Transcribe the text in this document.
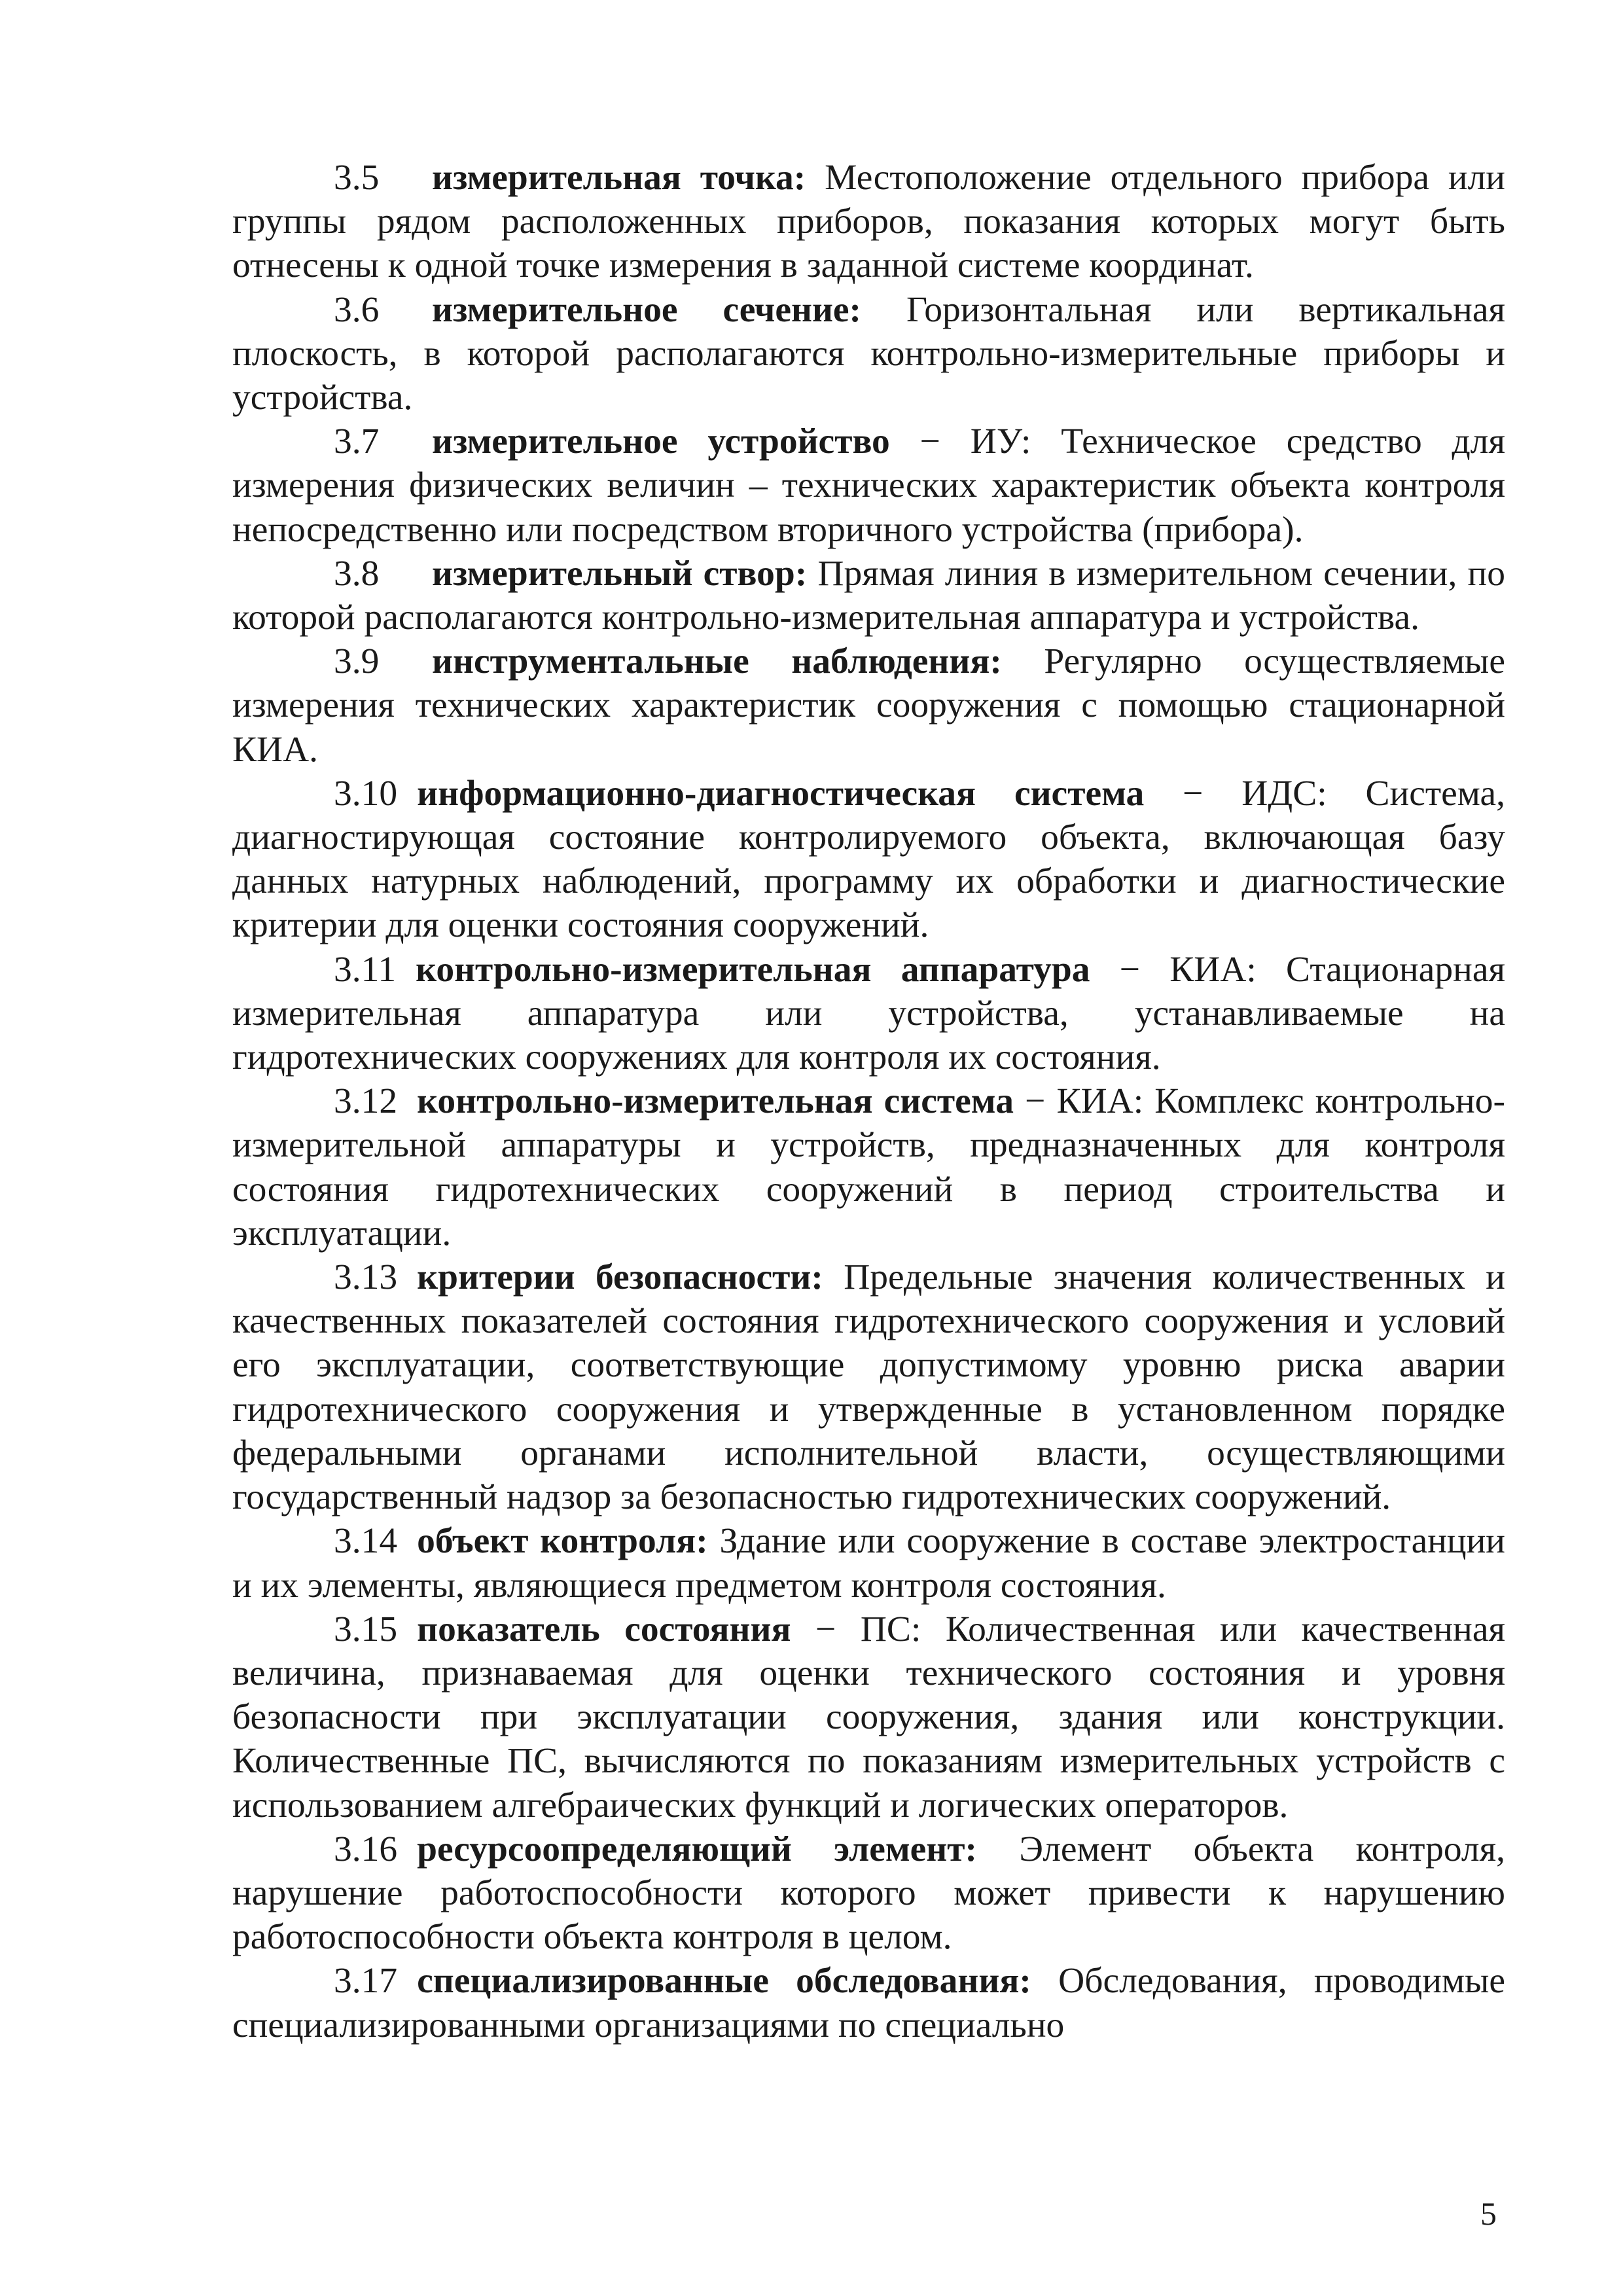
3.5 измерительная точка: Местоположение отдельного прибора или группы рядом расположенных приборов, показания которых могут быть отнесены к одной точке измерения в заданной системе координат.

3.6 измерительное сечение: Горизонтальная или вертикальная плоскость, в которой располагаются контрольно-измерительные приборы и устройства.

3.7 измерительное устройство − ИУ: Техническое средство для измерения физических величин – технических характеристик объекта контроля непосредственно или посредством вторичного устройства (прибора).

3.8 измерительный створ: Прямая линия в измерительном сечении, по которой располагаются контрольно-измерительная аппаратура и устройства.

3.9 инструментальные наблюдения: Регулярно осуществляемые измерения технических характеристик сооружения с помощью стационарной КИА.

3.10 информационно-диагностическая система − ИДС: Система, диагностирующая состояние контролируемого объекта, включающая базу данных натурных наблюдений, программу их обработки и диагностические критерии для оценки состояния сооружений.

3.11 контрольно-измерительная аппаратура − КИА: Стационарная измерительная аппаратура или устройства, устанавливаемые на гидротехнических сооружениях для контроля их состояния.

3.12 контрольно-измерительная система − КИА: Комплекс контрольно-измерительной аппаратуры и устройств, предназначенных для контроля состояния гидротехнических сооружений в период строительства и эксплуатации.

3.13 критерии безопасности: Предельные значения количественных и качественных показателей состояния гидротехнического сооружения и условий его эксплуатации, соответствующие допустимому уровню риска аварии гидротехнического сооружения и утвержденные в установленном порядке федеральными органами исполнительной власти, осуществляющими государственный надзор за безопасностью гидротехнических сооружений.

3.14 объект контроля: Здание или сооружение в составе электростанции и их элементы, являющиеся предметом контроля состояния.

3.15 показатель состояния − ПС: Количественная или качественная величина, признаваемая для оценки технического состояния и уровня безопасности при эксплуатации сооружения, здания или конструкции. Количественные ПС, вычисляются по показаниям измерительных устройств с использованием алгебраических функций и логических операторов.

3.16 ресурсоопределяющий элемент: Элемент объекта контроля, нарушение работоспособности которого может привести к нарушению работоспособности объекта контроля в целом.

3.17 специализированные обследования: Обследования, проводимые специализированными организациями по специально

5
